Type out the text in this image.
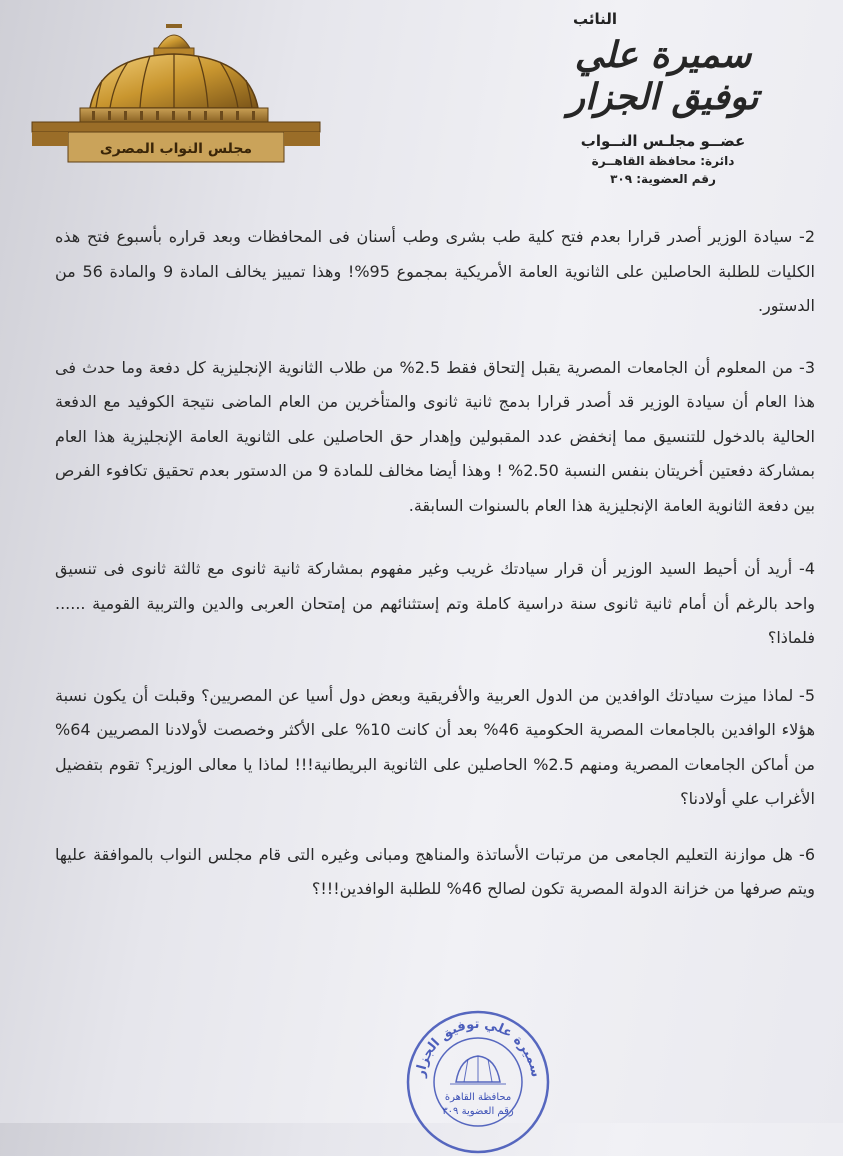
مجلس النواب المصرى
النائب
سميرة علي توفيق الجزار
عضــو مجلـس النــواب
دائرة: محافظة القاهــرة
رقم العضوية: ٣٠٩

2- سيادة الوزير أصدر قرارا بعدم فتح كلية طب بشرى وطب أسنان فى المحافظات وبعد قراره بأسبوع فتح هذه الكليات للطلبة الحاصلين على الثانوية العامة الأمريكية بمجموع 95%! وهذا تمييز يخالف المادة 9 والمادة 56 من الدستور.

3- من المعلوم أن الجامعات المصرية يقبل إلتحاق فقط 2.5% من طلاب الثانوية الإنجليزية كل دفعة وما حدث فى هذا العام أن سيادة الوزير قد أصدر قرارا بدمج ثانية ثانوى والمتأخرين من العام الماضى نتيجة الكوفيد مع الدفعة الحالية بالدخول للتنسيق مما إنخفض عدد المقبولين وإهدار حق الحاصلين على الثانوية العامة الإنجليزية هذا العام بمشاركة دفعتين أخريتان بنفس النسبة 2.50% ! وهذا أيضا مخالف للمادة 9 من الدستور بعدم تحقيق تكافوء الفرص بين دفعة الثانوية العامة الإنجليزية هذا العام بالسنوات السابقة.

4- أريد أن أحيط السيد الوزير أن قرار سيادتك غريب وغير مفهوم بمشاركة ثانية ثانوى مع ثالثة ثانوى فى تنسيق واحد بالرغم أن أمام ثانية ثانوى سنة دراسية كاملة وتم إستثنائهم من إمتحان العربى والدين والتربية القومية ...... فلماذا؟

5- لماذا ميزت سيادتك الوافدين من الدول العربية والأفريقية وبعض دول أسيا عن المصريين؟ وقبلت أن يكون نسبة هؤلاء الوافدين بالجامعات المصرية الحكومية 46% بعد أن كانت 10% على الأكثر وخصصت لأولادنا المصريين 64% من أماكن الجامعات المصرية ومنهم 2.5% الحاصلين على الثانوية البريطانية!!! لماذا يا معالى الوزير؟ تقوم بتفضيل الأغراب علي أولادنا؟

6- هل موازنة التعليم الجامعى من مرتبات الأساتذة والمناهج ومبانى وغيره التى قام مجلس النواب بالموافقة عليها ويتم صرفها من خزانة الدولة المصرية تكون لصالح 46% للطلبة الوافدين!!!؟

سميرة علي توفيق الجزار
محافظة القاهرة
رقم العضوية ٣٠٩
